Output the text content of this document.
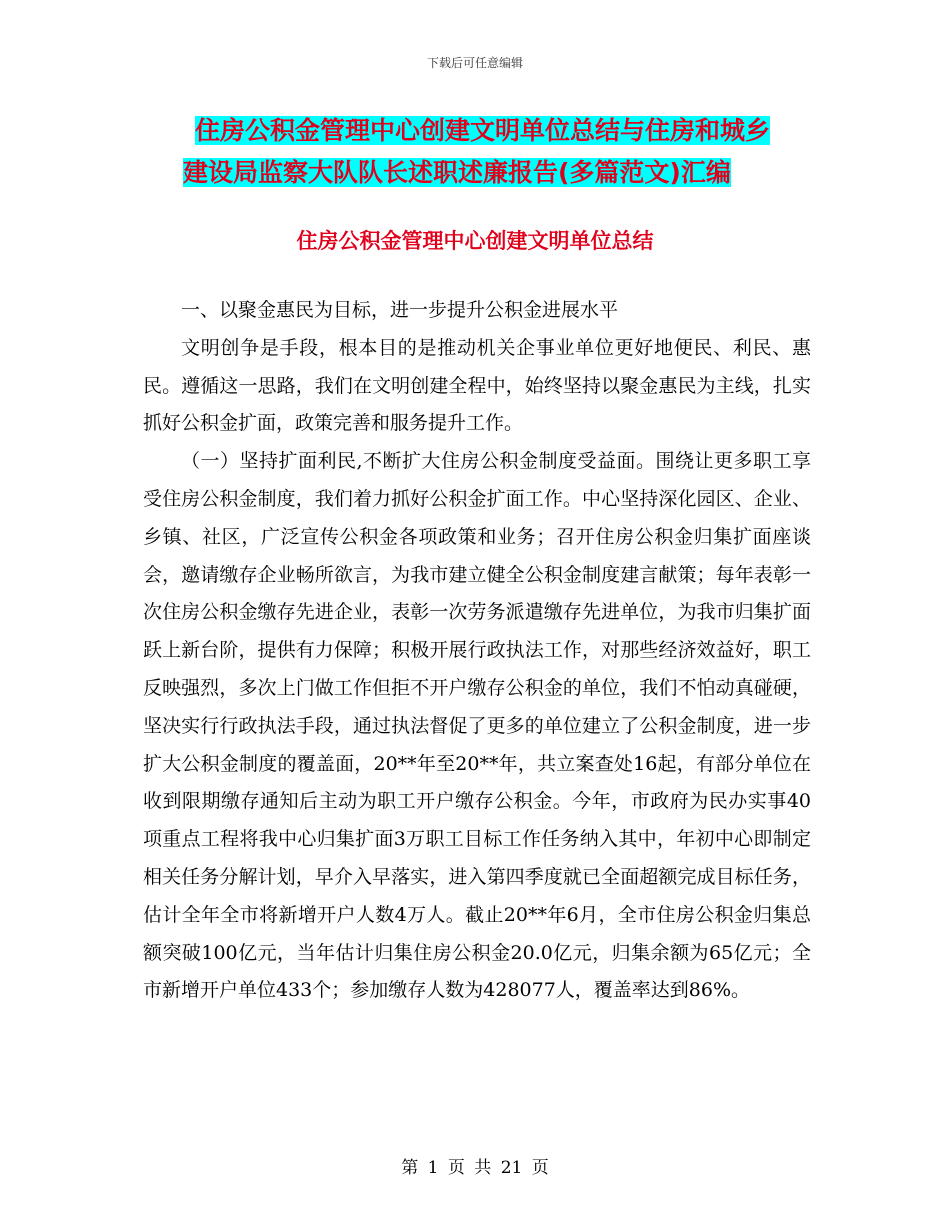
下载后可任意编辑
住房公积金管理中心创建文明单位总结与住房和城乡
建设局监察大队队长述职述廉报告(多篇范文)汇编
住房公积金管理中心创建文明单位总结

一、以聚金惠民为目标，进一步提升公积金进展水平

文明创争是手段，根本目的是推动机关企事业单位更好地便民、利民、惠民。遵循这一思路，我们在文明创建全程中，始终坚持以聚金惠民为主线，扎实抓好公积金扩面，政策完善和服务提升工作。

（一）坚持扩面利民,不断扩大住房公积金制度受益面。围绕让更多职工享受住房公积金制度，我们着力抓好公积金扩面工作。中心坚持深化园区、企业、乡镇、社区，广泛宣传公积金各项政策和业务；召开住房公积金归集扩面座谈会，邀请缴存企业畅所欲言，为我市建立健全公积金制度建言献策；每年表彰一次住房公积金缴存先进企业，表彰一次劳务派遣缴存先进单位，为我市归集扩面跃上新台阶，提供有力保障；积极开展行政执法工作，对那些经济效益好，职工反映强烈，多次上门做工作但拒不开户缴存公积金的单位，我们不怕动真碰硬，坚决实行行政执法手段，通过执法督促了更多的单位建立了公积金制度，进一步扩大公积金制度的覆盖面，20**年至20**年，共立案查处16起，有部分单位在收到限期缴存通知后主动为职工开户缴存公积金。今年，市政府为民办实事40项重点工程将我中心归集扩面3万职工目标工作任务纳入其中，年初中心即制定相关任务分解计划，早介入早落实，进入第四季度就已全面超额完成目标任务，估计全年全市将新增开户人数4万人。截止20**年6月，全市住房公积金归集总额突破100亿元，当年估计归集住房公积金20.0亿元，归集余额为65亿元；全市新增开户单位433个；参加缴存人数为428077人，覆盖率达到86%。

第 1 页 共 21 页
